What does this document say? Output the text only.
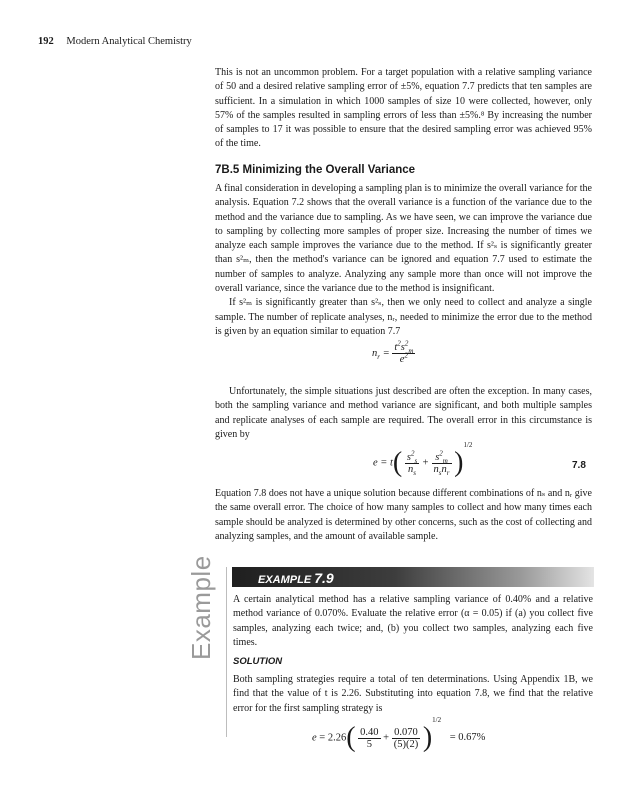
192 Modern Analytical Chemistry

This is not an uncommon problem. For a target population with a relative sampling variance of 50 and a desired relative sampling error of ±5%, equation 7.7 predicts that ten samples are sufficient. In a simulation in which 1000 samples of size 10 were collected, however, only 57% of the samples resulted in sampling errors of less than ±5%.⁸ By increasing the number of samples to 17 it was possible to ensure that the desired sampling error was achieved 95% of the time.

7B.5 Minimizing the Overall Variance

A final consideration in developing a sampling plan is to minimize the overall variance for the analysis. Equation 7.2 shows that the overall variance is a function of the variance due to the method and the variance due to sampling. As we have seen, we can improve the variance due to sampling by collecting more samples of proper size. Increasing the number of times we analyze each sample improves the variance due to the method. If s²ₛ is significantly greater than s²ₘ, then the method's variance can be ignored and equation 7.7 used to estimate the number of samples to analyze. Analyzing any sample more than once will not improve the overall variance, since the variance due to the method is insignificant.

If s²ₘ is significantly greater than s²ₛ, then we only need to collect and analyze a single sample. The number of replicate analyses, nᵣ, needed to minimize the error due to the method is given by an equation similar to equation 7.7

$n_r = \frac{t^2s^2_m}{e^2}$

Unfortunately, the simple situations just described are often the exception. In many cases, both the sampling variance and method variance are significant, and both multiple samples and replicate analyses of each sample are required. The overall error in this circumstance is given by

$e = t( \frac{s^2_s}{n_s} + \frac{s^2_m}{n_sn_r} )^{1/2}$
7.8

Equation 7.8 does not have a unique solution because different combinations of nₛ and nᵣ give the same overall error. The choice of how many samples to collect and how many times each sample should be analyzed is determined by other concerns, such as the cost of collecting and analyzing samples, and the amount of available sample.

Example	EXAMPLE 7.9

A certain analytical method has a relative sampling variance of 0.40% and a relative method variance of 0.070%. Evaluate the relative error (α = 0.05) if (a) you collect five samples, analyzing each twice; and, (b) you collect two samples, analyzing each five times.

SOLUTION

Both sampling strategies require a total of ten determinations. Using Appendix 1B, we find that the value of t is 2.26. Substituting into equation 7.8, we find that the relative error for the first sampling strategy is

$e = 2.26( \frac{0.40}{5} + \frac{0.070}{(5)(2)} )^{1/2} = 0.67\%$
